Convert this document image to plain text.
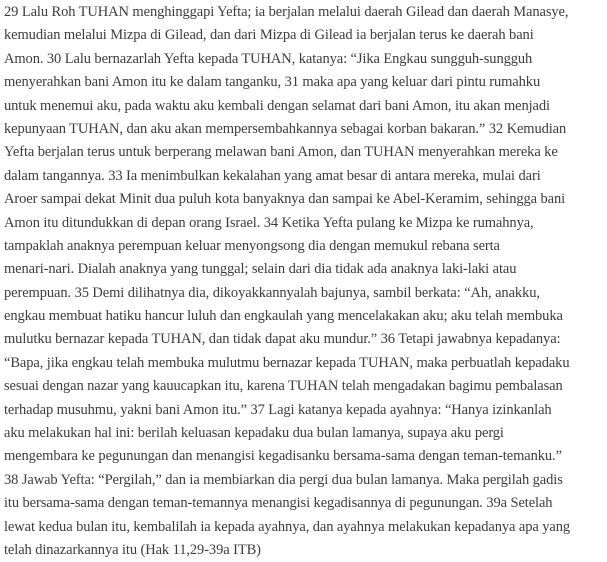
29 Lalu Roh TUHAN menghinggapi Yefta; ia berjalan melalui daerah Gilead dan daerah Manasye,
kemudian melalui Mizpa di Gilead, dan dari Mizpa di Gilead ia berjalan terus ke daerah bani
Amon. 30 Lalu bernazarlah Yefta kepada TUHAN, katanya: “Jika Engkau sungguh-sungguh
menyerahkan bani Amon itu ke dalam tanganku, 31 maka apa yang keluar dari pintu rumahku
untuk menemui aku, pada waktu aku kembali dengan selamat dari bani Amon, itu akan menjadi
kepunyaan TUHAN, dan aku akan mempersembahkannya sebagai korban bakaran.” 32 Kemudian
Yefta berjalan terus untuk berperang melawan bani Amon, dan TUHAN menyerahkan mereka ke
dalam tangannya. 33 Ia menimbulkan kekalahan yang amat besar di antara mereka, mulai dari
Aroer sampai dekat Minit dua puluh kota banyaknya dan sampai ke Abel-Keramim, sehingga bani
Amon itu ditundukkan di depan orang Israel. 34 Ketika Yefta pulang ke Mizpa ke rumahnya,
tampaklah anaknya perempuan keluar menyongsong dia dengan memukul rebana serta
menari-nari. Dialah anaknya yang tunggal; selain dari dia tidak ada anaknya laki-laki atau
perempuan. 35 Demi dilihatnya dia, dikoyakkannyalah bajunya, sambil berkata: “Ah, anakku,
engkau membuat hatiku hancur luluh dan engkaulah yang mencelakakan aku; aku telah membuka
mulutku bernazar kepada TUHAN, dan tidak dapat aku mundur.” 36 Tetapi jawabnya kepadanya:
“Bapa, jika engkau telah membuka mulutmu bernazar kepada TUHAN, maka perbuatlah kepadaku
sesuai dengan nazar yang kauucapkan itu, karena TUHAN telah mengadakan bagimu pembalasan
terhadap musuhmu, yakni bani Amon itu.” 37 Lagi katanya kepada ayahnya: “Hanya izinkanlah
aku melakukan hal ini: berilah keluasan kepadaku dua bulan lamanya, supaya aku pergi
mengembara ke pegunungan dan menangisi kegadisanku bersama-sama dengan teman-temanku.”
38 Jawab Yefta: “Pergilah,” dan ia membiarkan dia pergi dua bulan lamanya. Maka pergilah gadis
itu bersama-sama dengan teman-temannya menangisi kegadisannya di pegunungan. 39a Setelah
lewat kedua bulan itu, kembalilah ia kepada ayahnya, dan ayahnya melakukan kepadanya apa yang
telah dinazarkannya itu (Hak 11,29-39a ITB)
